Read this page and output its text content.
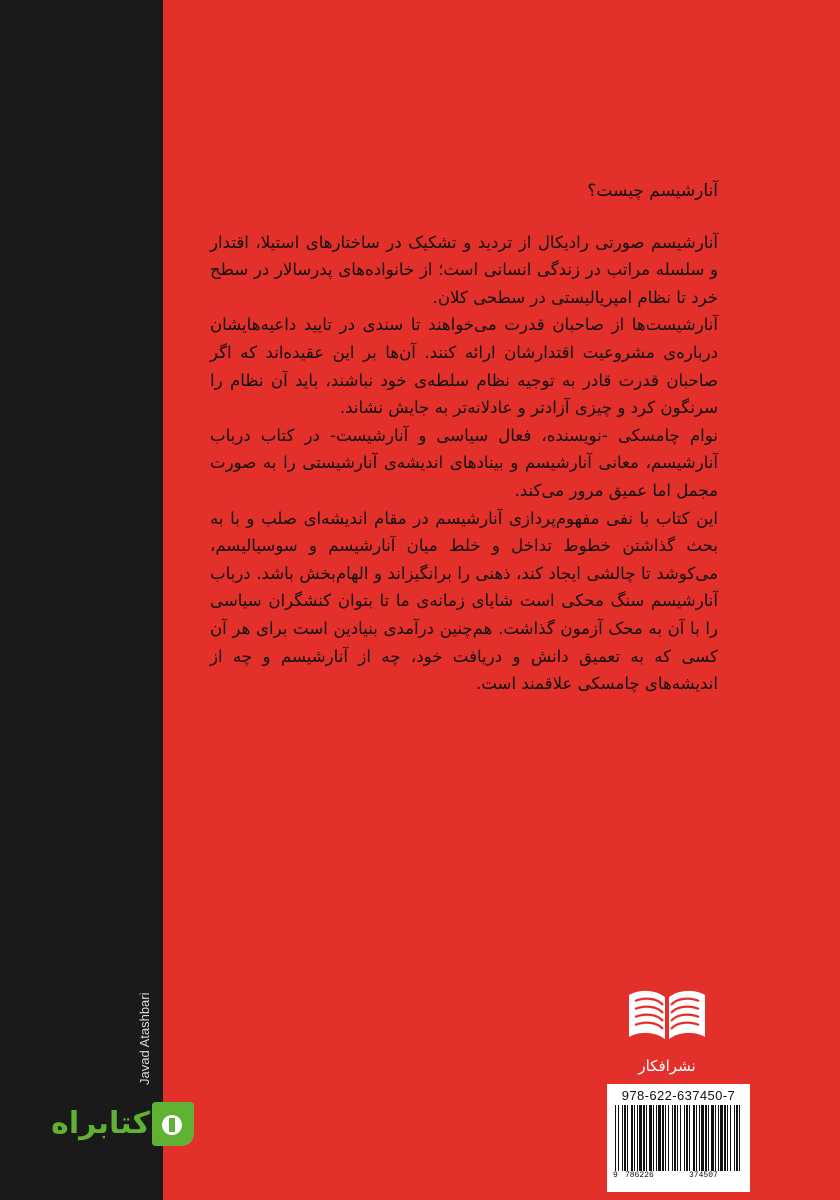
Javad Atashbari
آنارشیسم چیست؟

آنارشیسم صورتی رادیکال از تردید و تشکیک در ساختارهای استیلا، اقتدار و سلسله مراتب در زندگی انسانی است؛ از خانواده‌های پدرسالار در سطح خرد تا نظام امپریالیستی در سطحی کلان.

آنارشیست‌ها از صاحبان قدرت می‌خواهند تا سندی در تایید داعیه‌هایشان درباره‌ی مشروعیت اقتدارشان ارائه کنند. آن‌ها بر این عقیده‌اند که اگر صاحبان قدرت قادر به توجیه نظام سلطه‌ی خود نباشند، باید آن نظام را سرنگون کرد و چیزی آزادتر و عادلانه‌تر به جایش نشاند.

نوام چامسکی -نویسنده، فعال سیاسی و آنارشیست- در کتاب درباب آنارشیسم، معانی آنارشیسم و بینادهای اندیشه‌ی آنارشیستی را به صورت مجمل اما عمیق مرور می‌کند.

این کتاب با نفی مفهوم‌پردازی آنارشیسم در مقام اندیشه‌ای صلب و با به بحث گذاشتن خطوط تداخل و خلط میان آنارشیسم و سوسیالیسم، می‌کوشد تا چالشی ایجاد کند، ذهنی را برانگیزاند و الهام‌بخش باشد. درباب آنارشیسم سنگ محکی است شایای زمانه‌ی ما تا بتوان کنشگران سیاسی را با آن به محک آزمون گذاشت. هم‌چنین درآمدی بنیادین است برای هر آن کسی که به تعمیق دانش و دریافت خود، چه از آنارشیسم و چه از اندیشه‌های چامسکی علاقمند است.

نشرافکار
978-622-637450-7
9 786226	374507
کتابراه
